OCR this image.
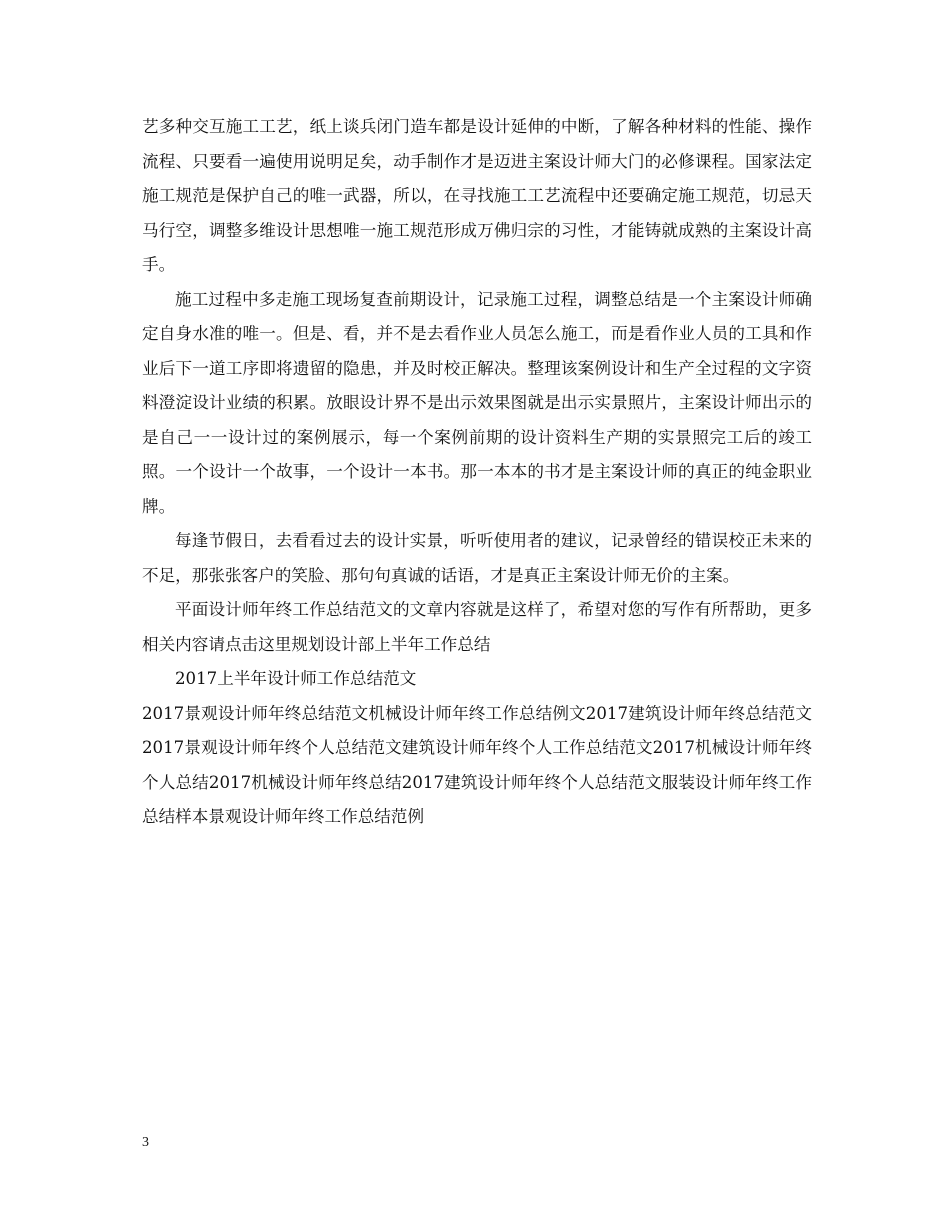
艺多种交互施工工艺，纸上谈兵闭门造车都是设计延伸的中断，了解各种材料的性能、操作流程、只要看一遍使用说明足矣，动手制作才是迈进主案设计师大门的必修课程。国家法定施工规范是保护自己的唯一武器，所以，在寻找施工工艺流程中还要确定施工规范，切忌天马行空，调整多维设计思想唯一施工规范形成万佛归宗的习性，才能铸就成熟的主案设计高手。

施工过程中多走施工现场复查前期设计，记录施工过程，调整总结是一个主案设计师确定自身水准的唯一。但是、看，并不是去看作业人员怎么施工，而是看作业人员的工具和作业后下一道工序即将遗留的隐患，并及时校正解决。整理该案例设计和生产全过程的文字资料澄淀设计业绩的积累。放眼设计界不是出示效果图就是出示实景照片，主案设计师出示的是自己一一设计过的案例展示，每一个案例前期的设计资料生产期的实景照完工后的竣工照。一个设计一个故事，一个设计一本书。那一本本的书才是主案设计师的真正的纯金职业牌。

每逢节假日，去看看过去的设计实景，听听使用者的建议，记录曾经的错误校正未来的不足，那张张客户的笑脸、那句句真诚的话语，才是真正主案设计师无价的主案。

平面设计师年终工作总结范文的文章内容就是这样了，希望对您的写作有所帮助，更多相关内容请点击这里规划设计部上半年工作总结

2017上半年设计师工作总结范文

2017景观设计师年终总结范文机械设计师年终工作总结例文2017建筑设计师年终总结范文2017景观设计师年终个人总结范文建筑设计师年终个人工作总结范文2017机械设计师年终个人总结2017机械设计师年终总结2017建筑设计师年终个人总结范文服装设计师年终工作总结样本景观设计师年终工作总结范例

3
